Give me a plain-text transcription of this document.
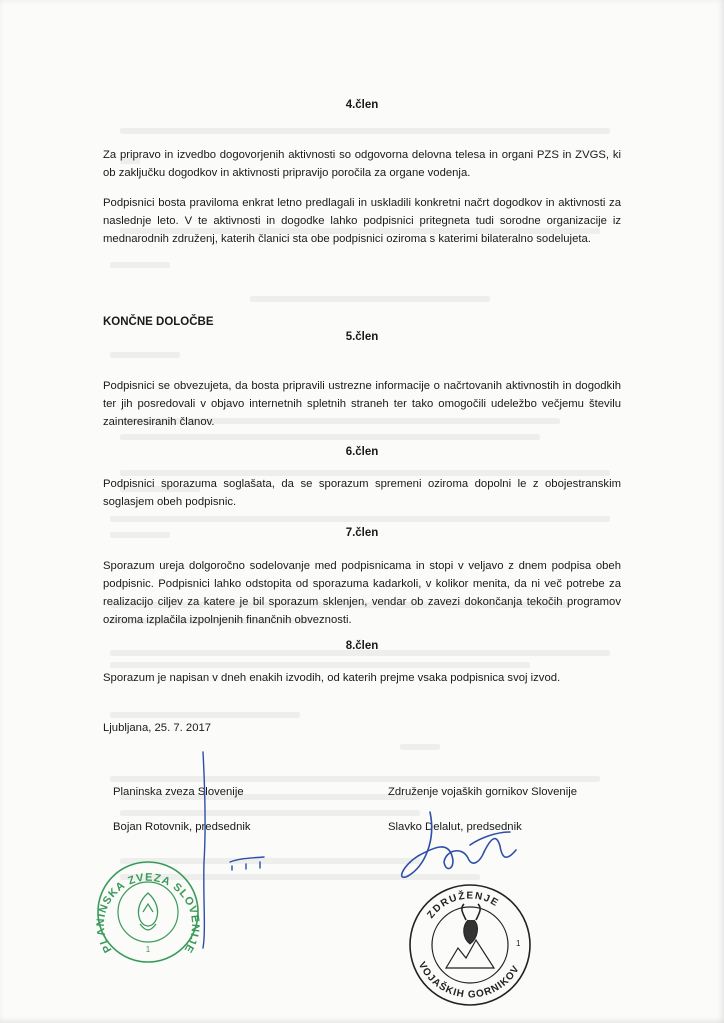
4.člen
Za pripravo in izvedbo dogovorjenih aktivnosti so odgovorna delovna telesa in organi PZS in ZVGS, ki ob zaključku dogodkov in aktivnosti pripravijo poročila za organe vodenja.
Podpisnici bosta praviloma enkrat letno predlagali in uskladili konkretni načrt dogodkov in aktivnosti za naslednje leto. V te aktivnosti in dogodke lahko podpisnici pritegneta tudi sorodne organizacije iz mednarodnih združenj, katerih članici sta obe podpisnici oziroma s katerimi bilateralno sodelujeta.
KONČNE DOLOČBE
5.člen
Podpisnici se obvezujeta, da bosta pripravili ustrezne informacije o načrtovanih aktivnostih in dogodkih ter jih posredovali v objavo internetnih spletnih straneh ter tako omogočili udeležbo večjemu številu zainteresiranih članov.
6.člen
Podpisnici sporazuma soglašata, da se sporazum spremeni oziroma dopolni le z obojestranskim soglasjem obeh podpisnic.
7.člen
Sporazum ureja dolgoročno sodelovanje med podpisnicama in stopi v veljavo z dnem podpisa obeh podpisnic. Podpisnici lahko odstopita od sporazuma kadarkoli, v kolikor menita, da ni več potrebe za realizacijo ciljev za katere je bil sporazum sklenjen, vendar ob zavezi dokončanja tekočih programov oziroma izplačila izpolnjenih finančnih obveznosti.
8.člen
Sporazum je napisan v dneh enakih izvodih, od katerih prejme vsaka podpisnica svoj izvod.
Ljubljana, 25. 7. 2017
Planinska zveza Slovenije
Bojan Rotovnik, predsednik
Združenje vojaških gornikov Slovenije
Slavko Delalut, predsednik
PLANINSKA ZVEZA SLOVENIJE
1
ZDRUŽENJE
VOJAŠKIH GORNIKOV
1
